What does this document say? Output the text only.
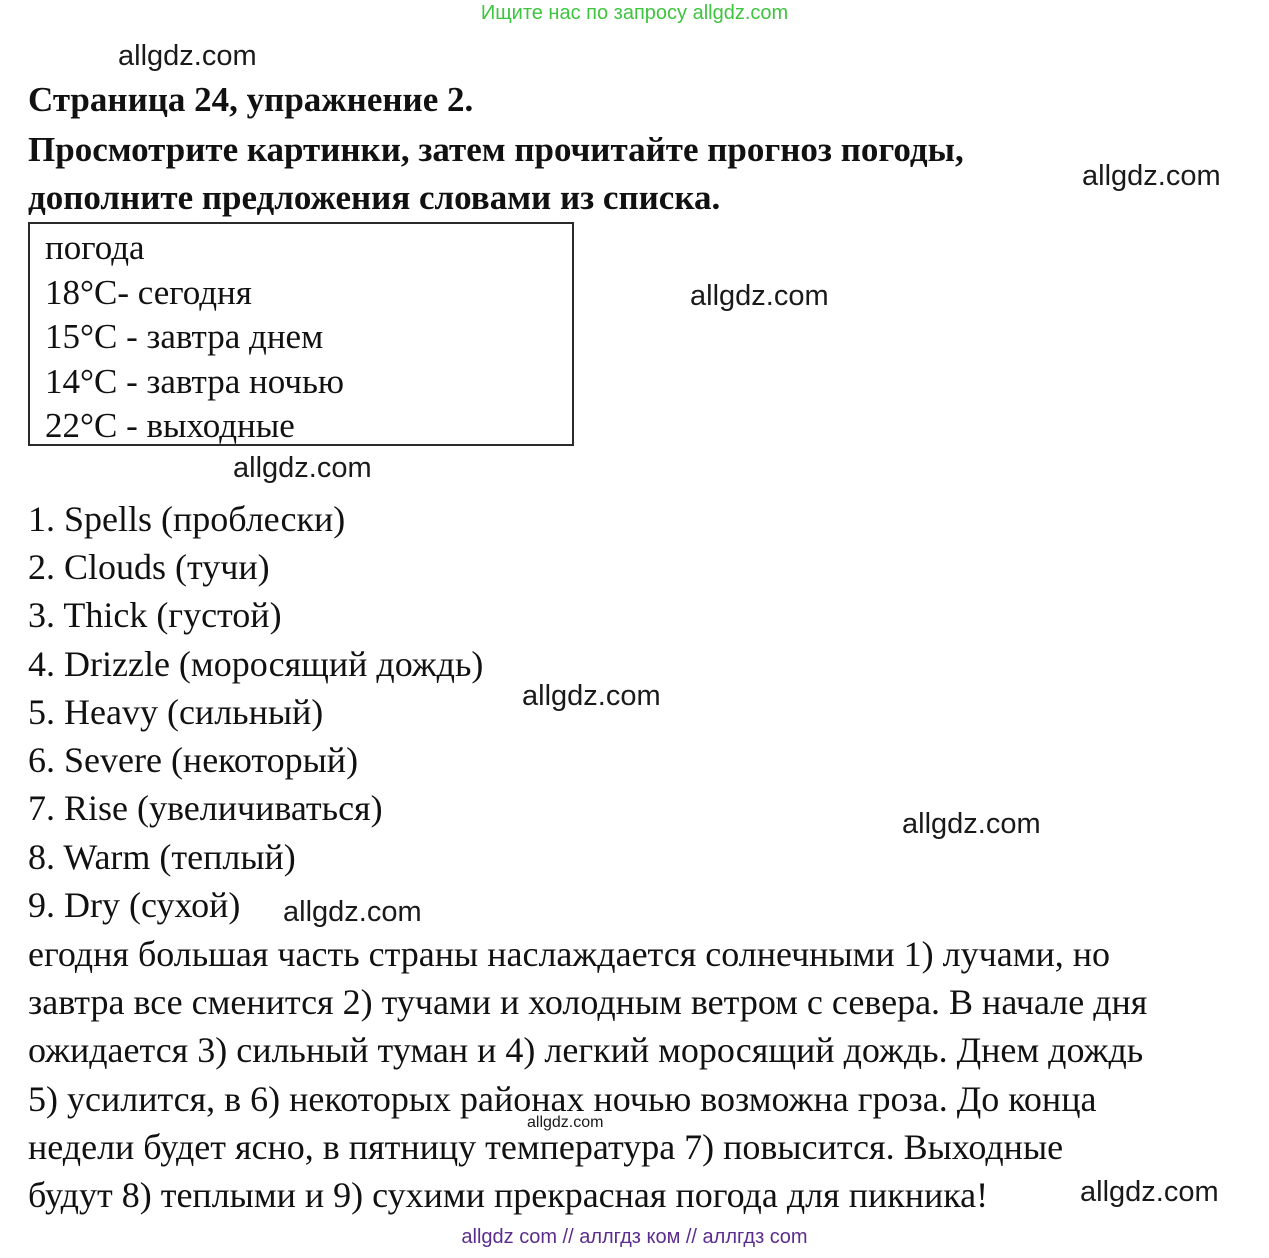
Ищите нас по запросу allgdz.com
allgdz.com
allgdz.com
allgdz.com
allgdz.com
allgdz.com
allgdz.com
allgdz.com
allgdz.com
allgdz.com
Страница 24, упражнение 2.
Просмотрите картинки, затем прочитайте прогноз погоды,
дополните предложения словами из списка.
погода
18°C- сегодня
15°C - завтра днем
14°C - завтра ночью
22°C - выходные
1. Spells (проблески)
2. Clouds (тучи)
3. Thick (густой)
4. Drizzle (моросящий дождь)
5. Heavy (сильный)
6. Severe (некоторый)
7. Rise (увеличиваться)
8. Warm (теплый)
9. Dry (сухой)
егодня большая часть страны наслаждается солнечными 1) лучами, но
завтра все сменится 2) тучами и холодным ветром с севера. В начале дня
ожидается 3) сильный туман и 4) легкий моросящий дождь. Днем дождь
5) усилится, в 6) некоторых районах ночью возможна гроза. До конца
недели будет ясно, в пятницу температура 7) повысится. Выходные
будут 8) теплыми и 9) сухими прекрасная погода для пикника!
allgdz com // аллгдз ком // аллгдз com
